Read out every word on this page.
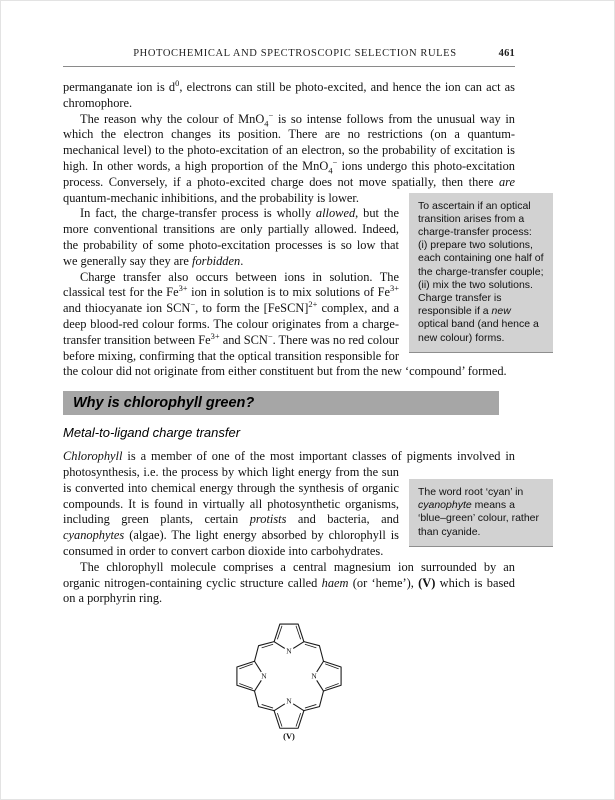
PHOTOCHEMICAL AND SPECTROSCOPIC SELECTION RULES	461

permanganate ion is $d^0$, electrons can still be photo-excited, and hence the ion can act as chromophore.

The reason why the colour of MnO$_4$− is so intense follows from the unusual way in which the electron changes its position. There are no restrictions (on a quantum-mechanical level) to the photo-excitation of an electron, so the probability of excitation is high. In other words, a high proportion of the MnO$_4$− ions undergo this photo-excitation process. Conversely, if a photo-excited charge does not move spatially,
To ascertain if an optical transition arises from a charge-transfer process: (i) prepare two solutions, each containing one half of the charge-transfer couple; (ii) mix the two solutions. Charge transfer is responsible if a new optical band (and hence a new colour) forms.
then there are quantum-mechanic inhibitions, and the probability is lower.

In fact, the charge-transfer process is wholly allowed, but the more conventional transitions are only partially allowed. Indeed, the probability of some photo-excitation processes is so low that we generally say they are forbidden.

Charge transfer also occurs between ions in solution. The classical test for the $Fe^{3+}$ ion in solution is to mix solutions of $Fe^{3+}$ and thiocyanate ion SCN−, to form the [FeSCN]$^{2+}$ complex, and a deep blood-red colour forms. The colour originates from a charge-transfer transition between $Fe^{3+}$ and SCN−. There was no red colour before mixing, confirming that the optical transition responsible for the colour did not originate from either constituent but from the new ‘compound’ formed.

Why is chlorophyll green?
Metal-to-ligand charge transfer

Chlorophyll is a member of one of the most important classes of pigments involved in photosynthesis, i.e. the process by which light energy from
The word root ‘cyan’ in cyanophyte means a ‘blue–green’ colour, rather than cyanide.
the sun is converted into chemical energy through the synthesis of organic compounds. It is found in virtually all photosynthetic organisms, including green plants, certain protists and bacteria, and cyanophytes (algae). The light energy absorbed by chlorophyll is consumed in order to convert carbon dioxide into carbohydrates.

The chlorophyll molecule comprises a central magnesium ion surrounded by an organic nitrogen-containing cyclic structure called haem (or ‘heme’), (V) which is based on a porphyrin ring.

N
N	N
N
(V)
